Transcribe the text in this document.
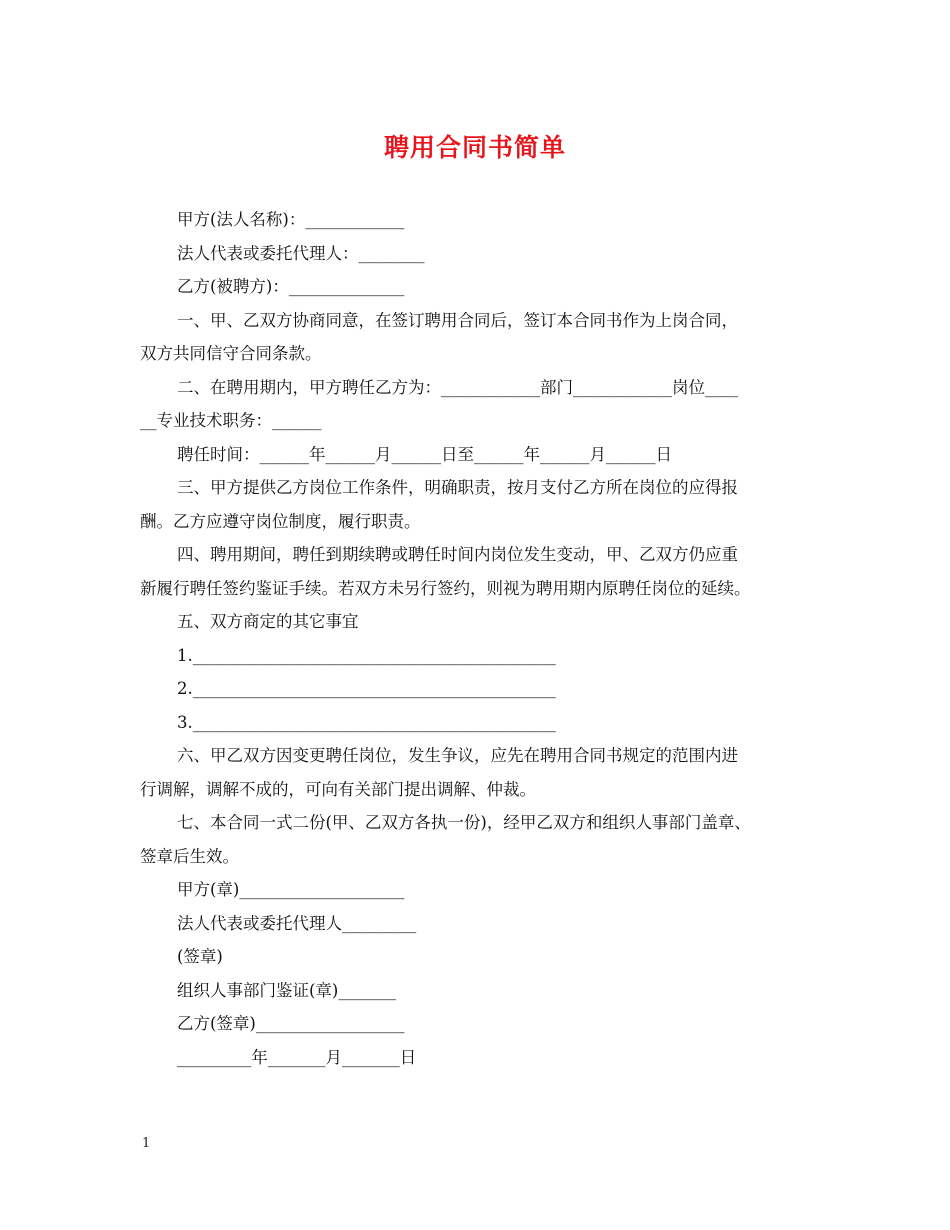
聘用合同书简单
甲方(法人名称)：____________
法人代表或委托代理人：________
乙方(被聘方)：______________
一、甲、乙双方协商同意，在签订聘用合同后，签订本合同书作为上岗合同，
双方共同信守合同条款。
二、在聘用期内，甲方聘任乙方为：____________部门____________岗位____
__专业技术职务：______
聘任时间：______年______月______日至______年______月______日
三、甲方提供乙方岗位工作条件，明确职责，按月支付乙方所在岗位的应得报
酬。乙方应遵守岗位制度，履行职责。
四、聘用期间，聘任到期续聘或聘任时间内岗位发生变动，甲、乙双方仍应重
新履行聘任签约鉴证手续。若双方未另行签约，则视为聘用期内原聘任岗位的延续。
五、双方商定的其它事宜
1.____________________________________________
2.____________________________________________
3.____________________________________________
六、甲乙双方因变更聘任岗位，发生争议，应先在聘用合同书规定的范围内进
行调解，调解不成的，可向有关部门提出调解、仲裁。
七、本合同一式二份(甲、乙双方各执一份)，经甲乙双方和组织人事部门盖章、
签章后生效。
甲方(章)____________________
法人代表或委托代理人_________
(签章)
组织人事部门鉴证(章)_______
乙方(签章)__________________
_________年_______月_______日
1
